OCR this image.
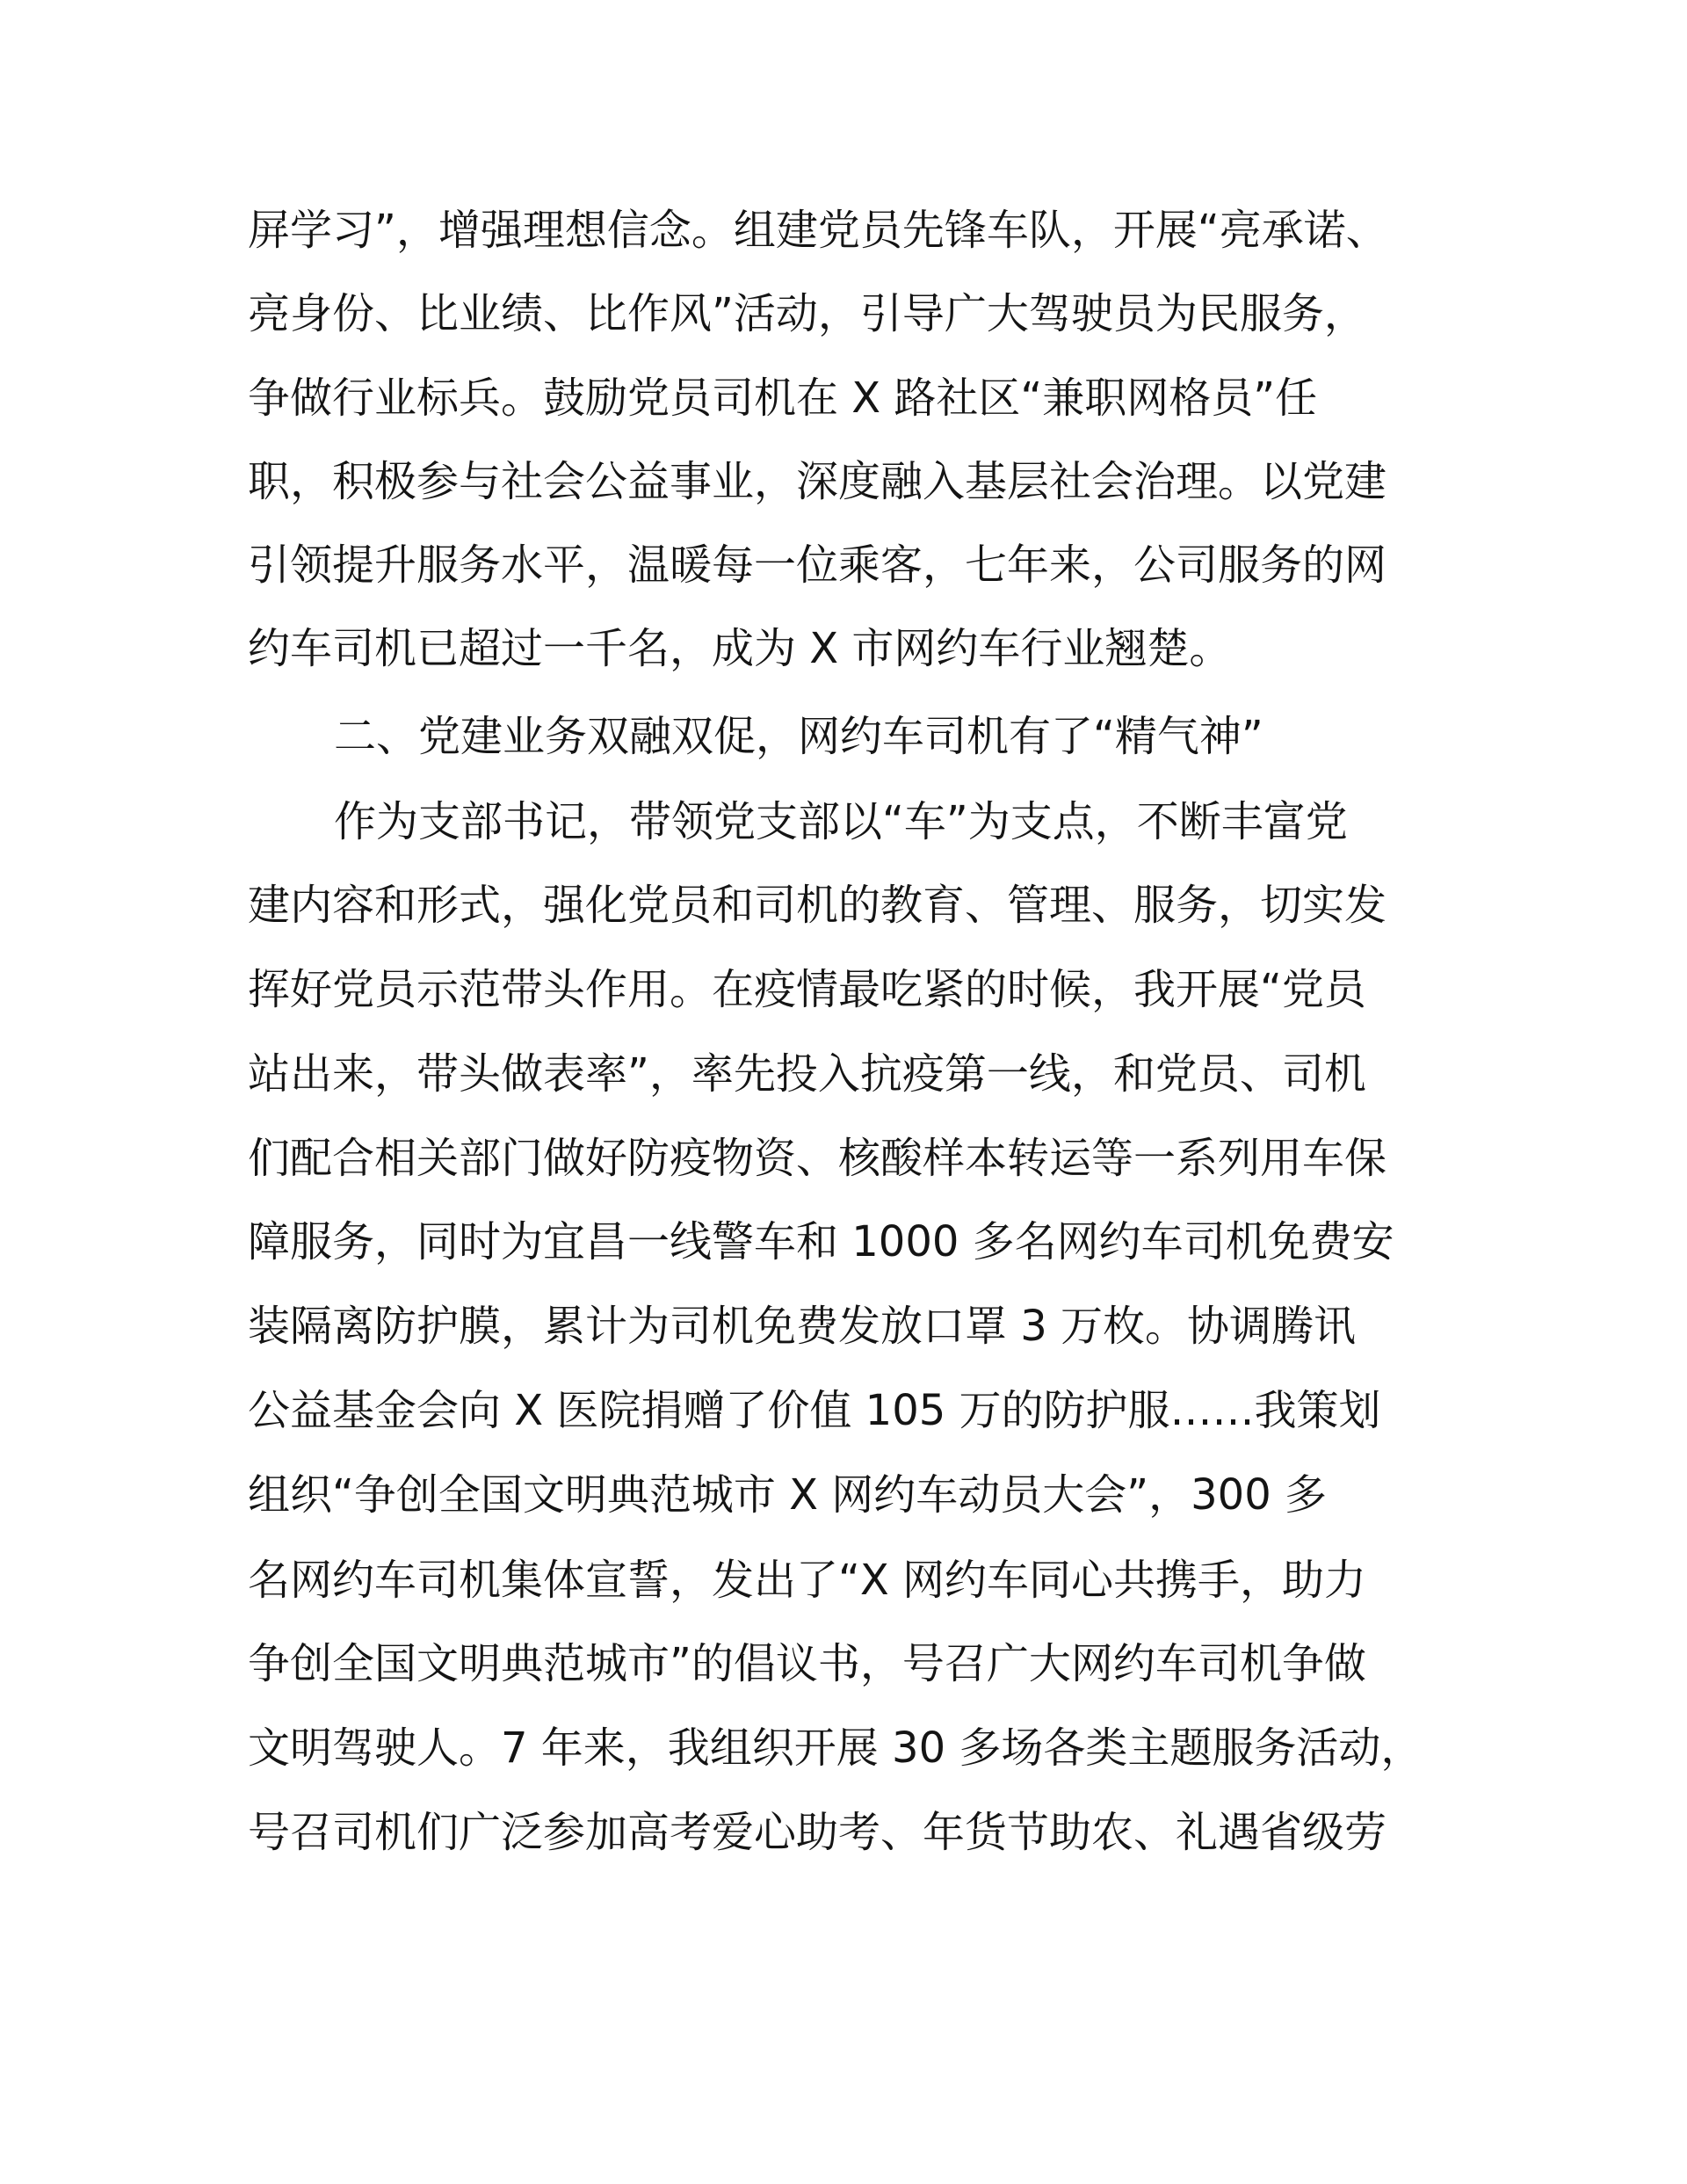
屏学习”，增强理想信念。组建党员先锋车队，开展“亮承诺、
亮身份、比业绩、比作风”活动，引导广大驾驶员为民服务，
争做行业标兵。鼓励党员司机在 X 路社区“兼职网格员”任
职，积极参与社会公益事业，深度融入基层社会治理。以党建
引领提升服务水平，温暖每一位乘客，七年来，公司服务的网
约车司机已超过一千名，成为 X 市网约车行业翘楚。
二、党建业务双融双促，网约车司机有了“精气神”
作为支部书记，带领党支部以“车”为支点，不断丰富党
建内容和形式，强化党员和司机的教育、管理、服务，切实发
挥好党员示范带头作用。在疫情最吃紧的时候，我开展“党员
站出来，带头做表率”，率先投入抗疫第一线，和党员、司机
们配合相关部门做好防疫物资、核酸样本转运等一系列用车保
障服务，同时为宜昌一线警车和 1000 多名网约车司机免费安
装隔离防护膜，累计为司机免费发放口罩 3 万枚。协调腾讯
公益基金会向 X 医院捐赠了价值 105 万的防护服……我策划
组织“争创全国文明典范城市 X 网约车动员大会”，300 多
名网约车司机集体宣誓，发出了“X 网约车同心共携手，助力
争创全国文明典范城市”的倡议书，号召广大网约车司机争做
文明驾驶人。7 年来，我组织开展 30 多场各类主题服务活动，
号召司机们广泛参加高考爱心助考、年货节助农、礼遇省级劳
